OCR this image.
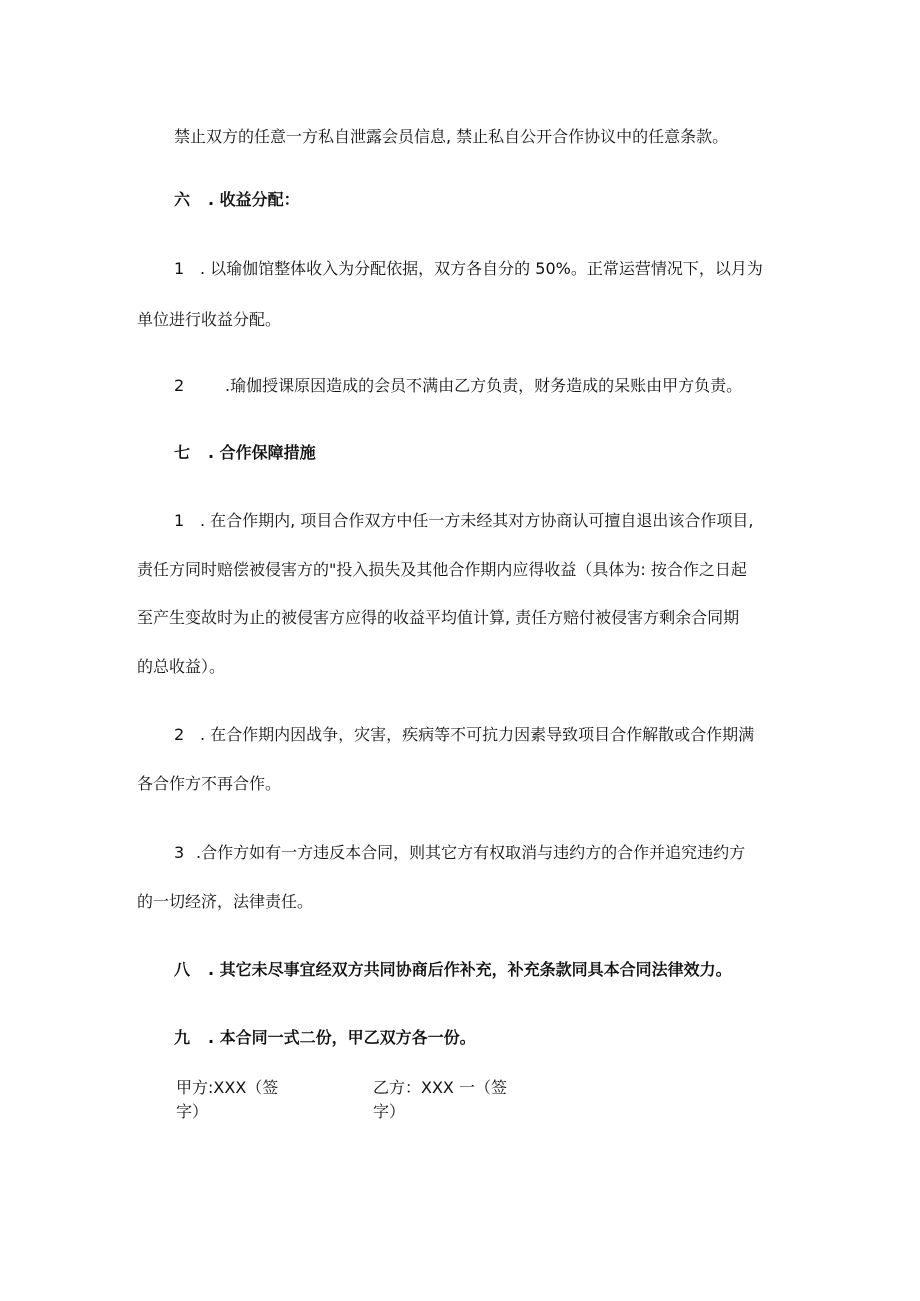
禁止双方的任意一方私自泄露会员信息, 禁止私自公开合作协议中的任意条款。
六 . 收益分配：
1 . 以瑜伽馆整体收入为分配依据，双方各自分的 50%。正常运营情况下，以月为
单位进行收益分配。
2	.瑜伽授课原因造成的会员不满由乙方负责，财务造成的呆账由甲方负责。
七 . 合作保障措施
1 . 在合作期内, 项目合作双方中任一方未经其对方协商认可擅自退出该合作项目,
责任方同时赔偿被侵害方的"投入损失及其他合作期内应得收益（具体为: 按合作之日起
至产生变故时为止的被侵害方应得的收益平均值计算, 责任方赔付被侵害方剩余合同期
的总收益）。
2 . 在合作期内因战争，灾害，疾病等不可抗力因素导致项目合作解散或合作期满
各合作方不再合作。
3 .合作方如有一方违反本合同，则其它方有权取消与违约方的合作并追究违约方
的一切经济，法律责任。
八 . 其它未尽事宜经双方共同协商后作补充，补充条款同具本合同法律效力。
九 . 本合同一式二份，甲乙双方各一份。
甲方:XXX（签
字）
乙方：XXX 一（签
字）
